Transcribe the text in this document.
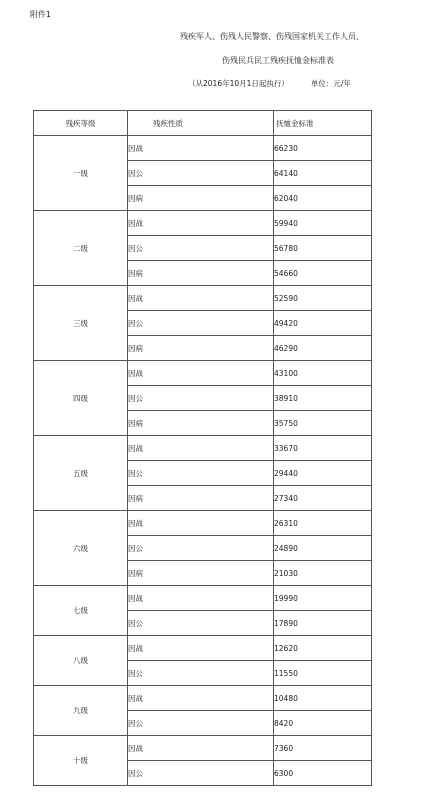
附件1
残疾军人、伤残人民警察、伤残国家机关工作人员、
伤残民兵民工残疾抚恤金标准表
（从2016年10月1日起执行）	单位：元/年
残疾等级	残疾性质	抚恤金标准
一级	因战	66230
	因公	64140
	因病	62040
二级	因战	59940
	因公	56780
	因病	54660
三级	因战	52590
	因公	49420
	因病	46290
四级	因战	43100
	因公	38910
	因病	35750
五级	因战	33670
	因公	29440
	因病	27340
六级	因战	26310
	因公	24890
	因病	21030
七级	因战	19990
	因公	17890
八级	因战	12620
	因公	11550
九级	因战	10480
	因公	8420
十级	因战	7360
	因公	6300
